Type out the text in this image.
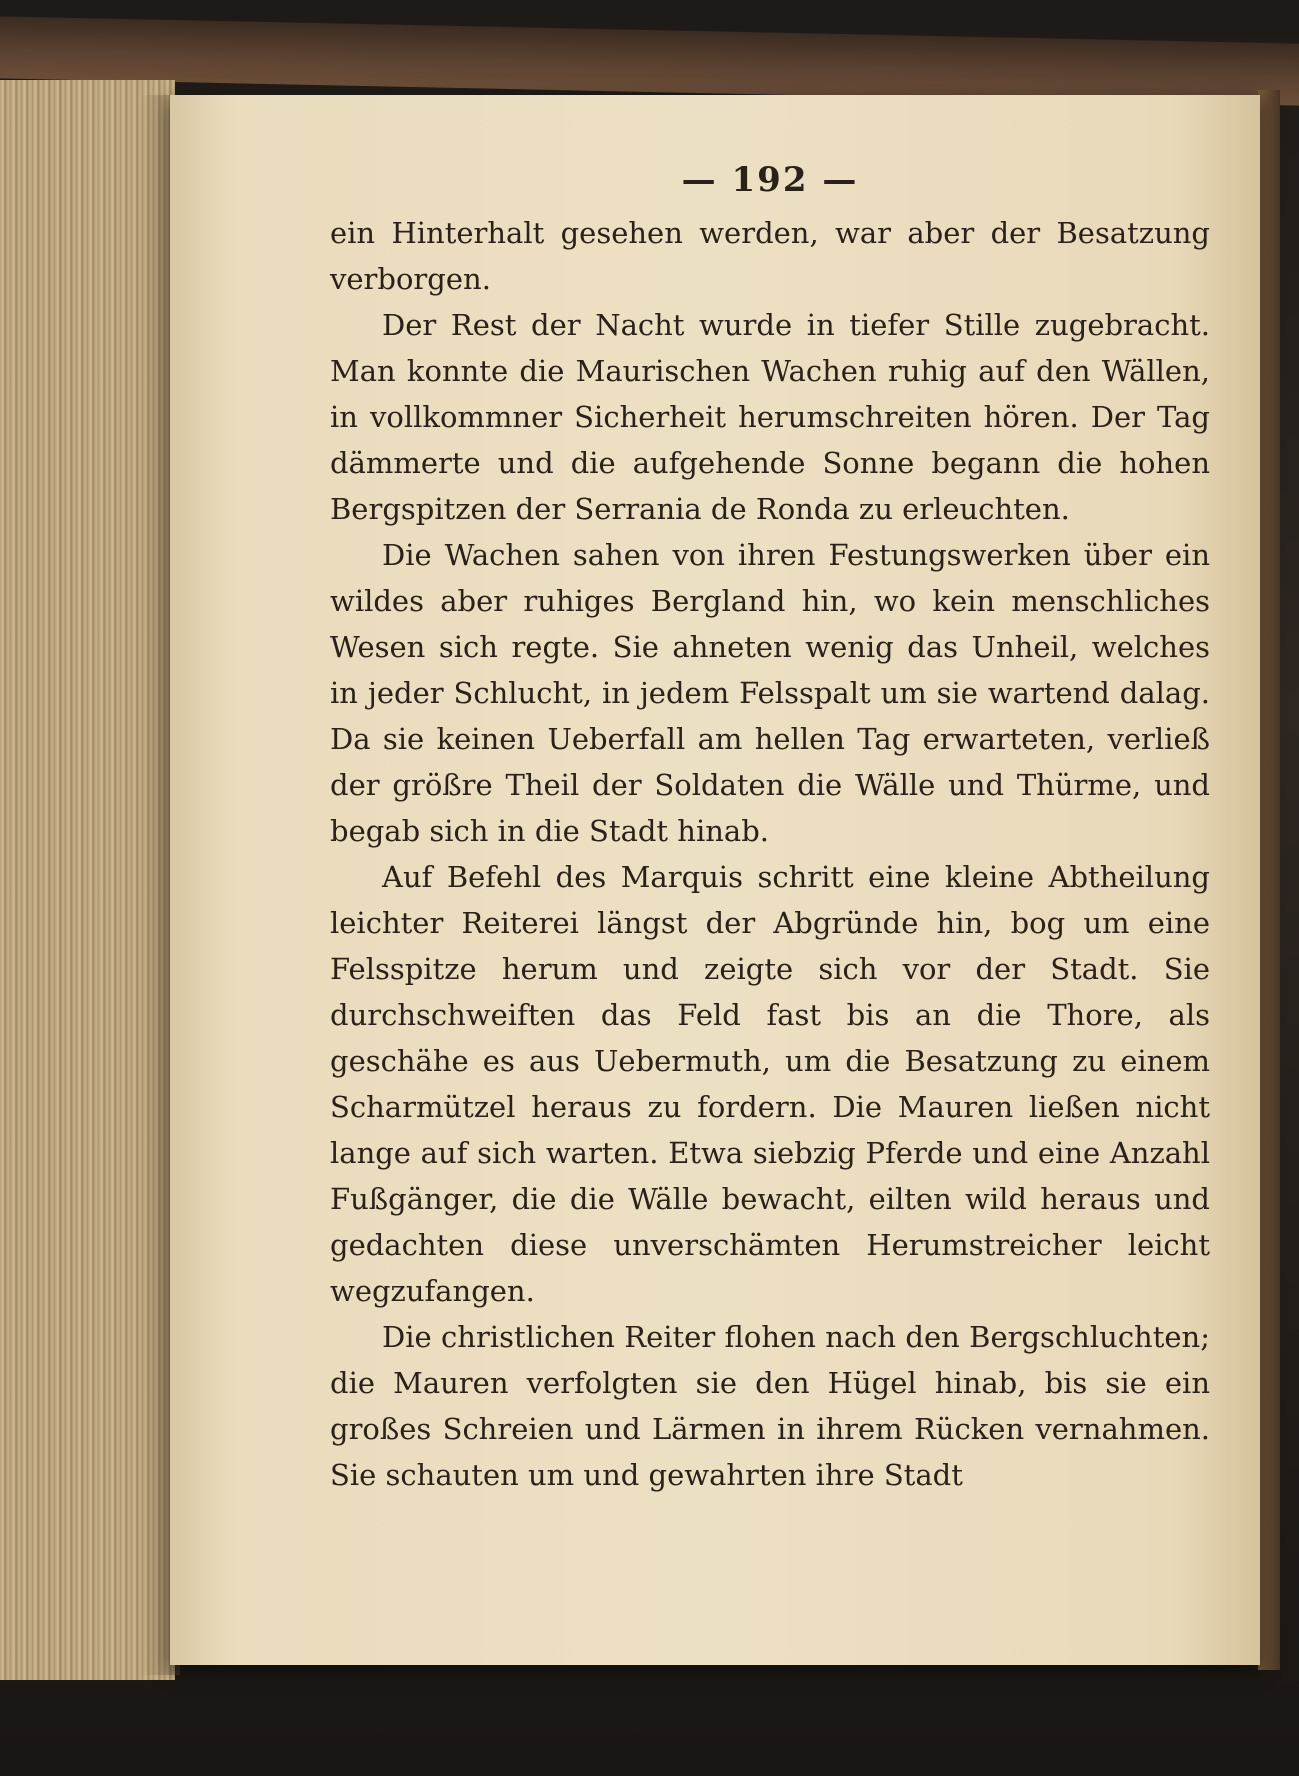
— 192 —

ein Hinterhalt gesehen werden, war aber der Besatzung verborgen.

Der Rest der Nacht wurde in tiefer Stille zugebracht. Man konnte die Maurischen Wachen ruhig auf den Wällen, in vollkommner Sicherheit herumschreiten hören. Der Tag dämmerte und die aufgehende Sonne begann die hohen Bergspitzen der Serrania de Ronda zu erleuchten.

Die Wachen sahen von ihren Festungswerken über ein wildes aber ruhiges Bergland hin, wo kein menschliches Wesen sich regte. Sie ahneten wenig das Unheil, welches in jeder Schlucht, in jedem Felsspalt um sie wartend dalag. Da sie keinen Ueberfall am hellen Tag erwarteten, verließ der größre Theil der Soldaten die Wälle und Thürme, und begab sich in die Stadt hinab.

Auf Befehl des Marquis schritt eine kleine Abtheilung leichter Reiterei längst der Abgründe hin, bog um eine Felsspitze herum und zeigte sich vor der Stadt. Sie durchschweiften das Feld fast bis an die Thore, als geschähe es aus Uebermuth, um die Besatzung zu einem Scharmützel heraus zu fordern. Die Mauren ließen nicht lange auf sich warten. Etwa siebzig Pferde und eine Anzahl Fußgänger, die die Wälle bewacht, eilten wild heraus und gedachten diese unverschämten Herumstreicher leicht wegzufangen.

Die christlichen Reiter flohen nach den Bergschluchten; die Mauren verfolgten sie den Hügel hinab, bis sie ein großes Schreien und Lärmen in ihrem Rücken vernahmen. Sie schauten um und gewahrten ihre Stadt
